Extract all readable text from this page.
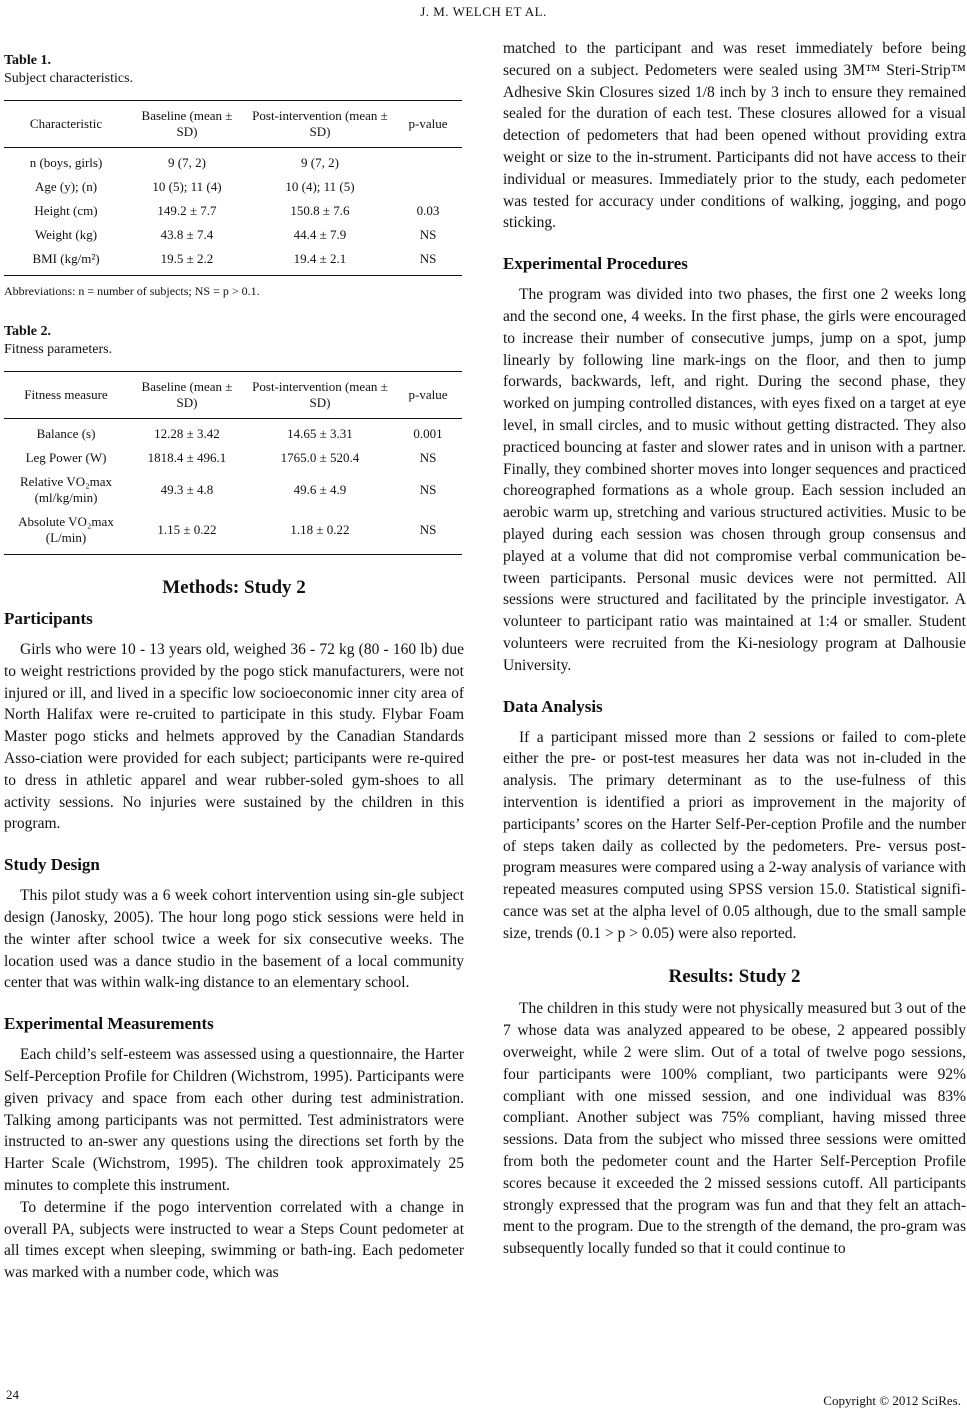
J. M. WELCH ET AL.
Table 1.
Subject characteristics.
Characteristic	Baseline (mean ± SD)	Post-intervention (mean ± SD)	p-value
n (boys, girls)	9 (7, 2)	9 (7, 2)	
Age (y); (n)	10 (5); 11 (4)	10 (4); 11 (5)	
Height (cm)	149.2 ± 7.7	150.8 ± 7.6	0.03
Weight (kg)	43.8 ± 7.4	44.4 ± 7.9	NS
BMI (kg/m²)	19.5 ± 2.2	19.4 ± 2.1	NS
Abbreviations: n = number of subjects; NS = p > 0.1.
Table 2.
Fitness parameters.
Fitness measure	Baseline (mean ± SD)	Post-intervention (mean ± SD)	p-value
Balance (s)	12.28 ± 3.42	14.65 ± 3.31	0.001
Leg Power (W)	1818.4 ± 496.1	1765.0 ± 520.4	NS
Relative VO₂max (ml/kg/min)	49.3 ± 4.8	49.6 ± 4.9	NS
Absolute VO₂max (L/min)	1.15 ± 0.22	1.18 ± 0.22	NS
Methods: Study 2
Participants

Girls who were 10 - 13 years old, weighed 36 - 72 kg (80 - 160 lb) due to weight restrictions provided by the pogo stick manufacturers, were not injured or ill, and lived in a specific low socioeconomic inner city area of North Halifax were re-cruited to participate in this study. Flybar Foam Master pogo sticks and helmets approved by the Canadian Standards Asso-ciation were provided for each subject; participants were re-quired to dress in athletic apparel and wear rubber-soled gym-shoes to all activity sessions. No injuries were sustained by the children in this program.

Study Design

This pilot study was a 6 week cohort intervention using sin-gle subject design (Janosky, 2005). The hour long pogo stick sessions were held in the winter after school twice a week for six consecutive weeks. The location used was a dance studio in the basement of a local community center that was within walk-ing distance to an elementary school.

Experimental Measurements

Each child’s self-esteem was assessed using a questionnaire, the Harter Self-Perception Profile for Children (Wichstrom, 1995). Participants were given privacy and space from each other during test administration. Talking among participants was not permitted. Test administrators were instructed to an-swer any questions using the directions set forth by the Harter Scale (Wichstrom, 1995). The children took approximately 25 minutes to complete this instrument.

To determine if the pogo intervention correlated with a change in overall PA, subjects were instructed to wear a Steps Count pedometer at all times except when sleeping, swimming or bath-ing. Each pedometer was marked with a number code, which was

matched to the participant and was reset immediately before being secured on a subject. Pedometers were sealed using 3M™ Steri-Strip™ Adhesive Skin Closures sized 1/8 inch by 3 inch to ensure they remained sealed for the duration of each test. These closures allowed for a visual detection of pedometers that had been opened without providing extra weight or size to the in-strument. Participants did not have access to their individual or measures. Immediately prior to the study, each pedometer was tested for accuracy under conditions of walking, jogging, and pogo sticking.

Experimental Procedures

The program was divided into two phases, the first one 2 weeks long and the second one, 4 weeks. In the first phase, the girls were encouraged to increase their number of consecutive jumps, jump on a spot, jump linearly by following line mark-ings on the floor, and then to jump forwards, backwards, left, and right. During the second phase, they worked on jumping controlled distances, with eyes fixed on a target at eye level, in small circles, and to music without getting distracted. They also practiced bouncing at faster and slower rates and in unison with a partner. Finally, they combined shorter moves into longer sequences and practiced choreographed formations as a whole group. Each session included an aerobic warm up, stretching and various structured activities. Music to be played during each session was chosen through group consensus and played at a volume that did not compromise verbal communication be-tween participants. Personal music devices were not permitted. All sessions were structured and facilitated by the principle investigator. A volunteer to participant ratio was maintained at 1:4 or smaller. Student volunteers were recruited from the Ki-nesiology program at Dalhousie University.

Data Analysis

If a participant missed more than 2 sessions or failed to com-plete either the pre- or post-test measures her data was not in-cluded in the analysis. The primary determinant as to the use-fulness of this intervention is identified a priori as improvement in the majority of participants’ scores on the Harter Self-Per-ception Profile and the number of steps taken daily as collected by the pedometers. Pre- versus post-program measures were compared using a 2-way analysis of variance with repeated measures computed using SPSS version 15.0. Statistical signifi-cance was set at the alpha level of 0.05 although, due to the small sample size, trends (0.1 > p > 0.05) were also reported.

Results: Study 2

The children in this study were not physically measured but 3 out of the 7 whose data was analyzed appeared to be obese, 2 appeared possibly overweight, while 2 were slim. Out of a total of twelve pogo sessions, four participants were 100% compliant, two participants were 92% compliant with one missed session, and one individual was 83% compliant. Another subject was 75% compliant, having missed three sessions. Data from the subject who missed three sessions were omitted from both the pedometer count and the Harter Self-Perception Profile scores because it exceeded the 2 missed sessions cutoff. All participants strongly expressed that the program was fun and that they felt an attach-ment to the program. Due to the strength of the demand, the pro-gram was subsequently locally funded so that it could continue to

24	Copyright © 2012 SciRes.
